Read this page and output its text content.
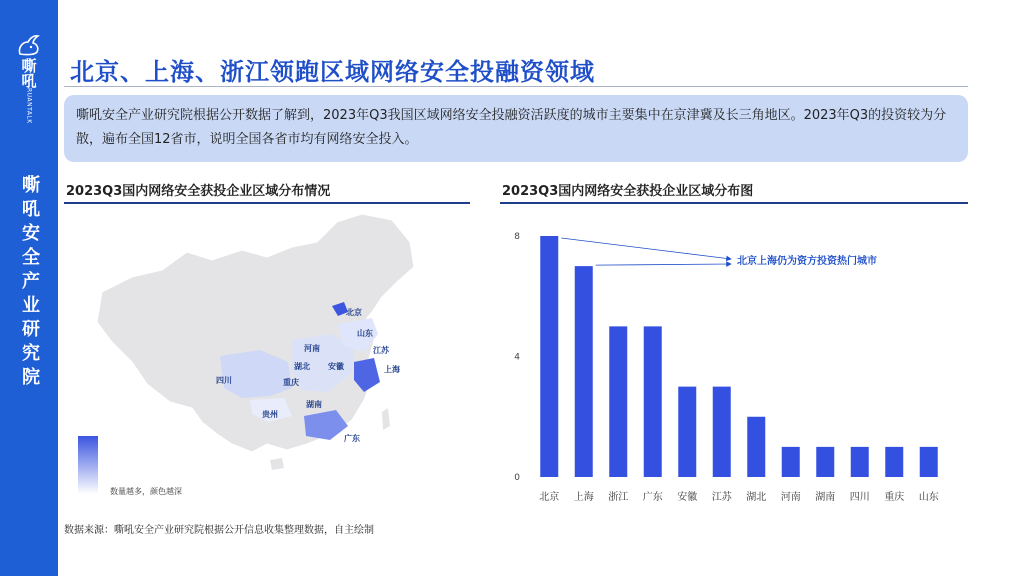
嘶吼
RUANTALK
嘶吼安全产业研究院
北京、上海、浙江领跑区域网络安全投融资领域
嘶吼安全产业研究院根据公开数据了解到，2023年Q3我国区域网络安全投融资活跃度的城市主要集中在京津冀及长三角地区。2023年Q3的投资较为分散，遍布全国12省市，说明全国各省市均有网络安全投入。
2023Q3国内网络安全获投企业区域分布情况	2023Q3国内网络安全获投企业区域分布图
北京
山东
河南	江苏
上海
湖北 安徽
四川	重庆
浙江
贵州
湖南
广东
数量越多，颜色越深
0
4
8
北京 上海 浙江 广东 安徽 江苏 湖北 河南 湖南 四川 重庆 山东
北京上海仍为资方投资热门城市
数据来源：嘶吼安全产业研究院根据公开信息收集整理数据，自主绘制
